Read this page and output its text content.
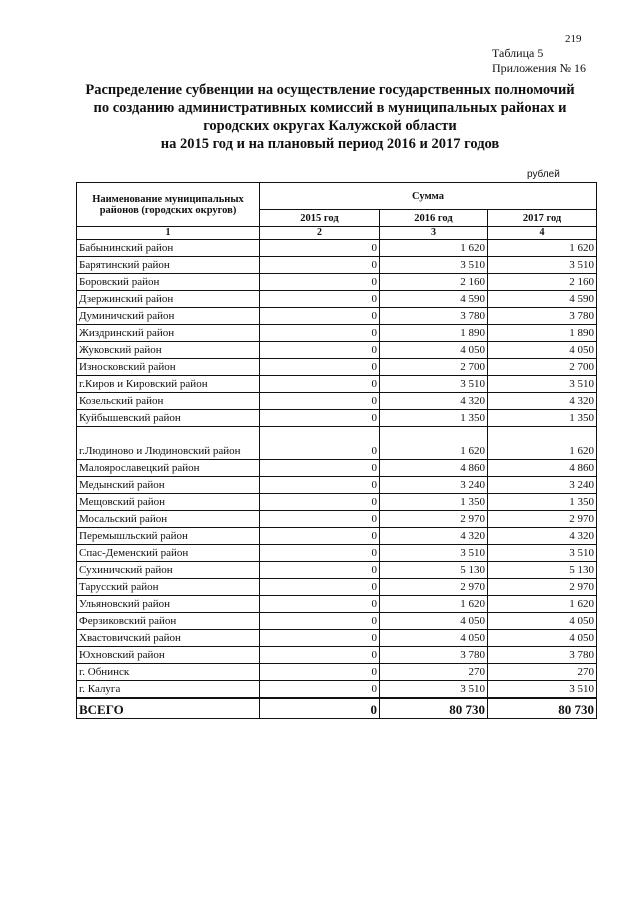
219
Таблица 5
Приложения № 16
Распределение субвенции на осуществление государственных полномочий
по созданию административных комиссий в муниципальных районах и
городских округах Калужской области
на 2015 год и на плановый период 2016 и 2017 годов
рублей
Наименование муниципальных районов (городских округов)	Сумма		
	2015 год	2016 год	2017 год
1	2	3	4
Бабынинский район	0	1 620	1 620
Барятинский район	0	3 510	3 510
Боровский район	0	2 160	2 160
Дзержинский район	0	4 590	4 590
Думиничский район	0	3 780	3 780
Жиздринский район	0	1 890	1 890
Жуковский район	0	4 050	4 050
Износковский район	0	2 700	2 700
г.Киров и Кировский район	0	3 510	3 510
Козельский район	0	4 320	4 320
Куйбышевский район	0	1 350	1 350
г.Людиново и Людиновский район	0	1 620	1 620
Малоярославецкий район	0	4 860	4 860
Медынский район	0	3 240	3 240
Мещовский район	0	1 350	1 350
Мосальский район	0	2 970	2 970
Перемышльский район	0	4 320	4 320
Спас-Деменский район	0	3 510	3 510
Сухиничский район	0	5 130	5 130
Тарусский район	0	2 970	2 970
Ульяновский район	0	1 620	1 620
Ферзиковский район	0	4 050	4 050
Хвастовичский район	0	4 050	4 050
Юхновский район	0	3 780	3 780
г. Обнинск	0	270	270
г. Калуга	0	3 510	3 510
ВСЕГО	0	80 730	80 730
